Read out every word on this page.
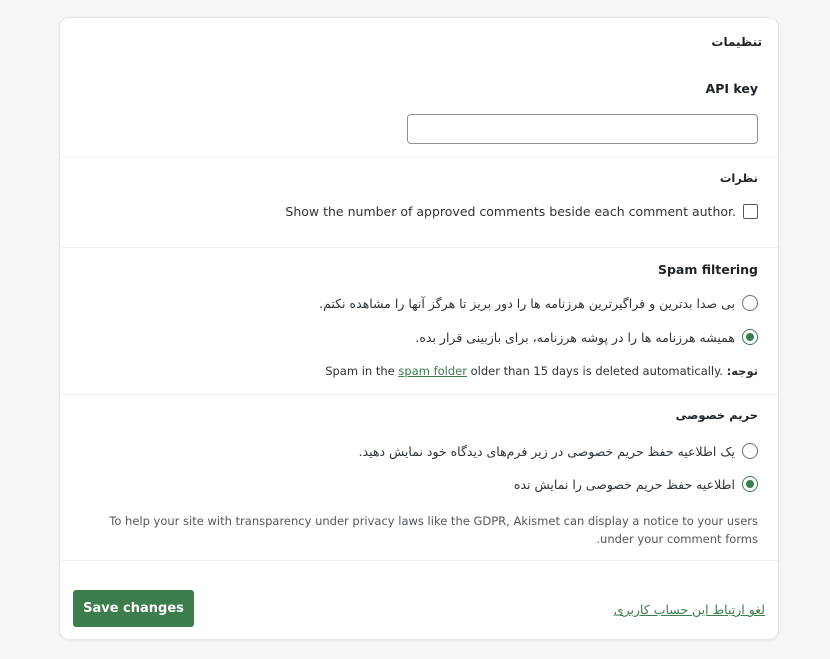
تنظیمات
API key
نظرات
Show the number of approved comments beside each comment author.
Spam filtering
بی صدا بدترین و فراگیرترین هرزنامه ها را دور بریز تا هرگز آنها را مشاهده نکتم.
همیشه هرزنامه ها را در پوشه هرزنامه، برای بازبینی قرار بده.
توجه: Spam in the spam folder older than 15 days is deleted automatically.
حریم خصوصی
یک اطلاعیه حفظ حریم خصوصی در زیر فرم‌های دیدگاه خود نمایش دهید.
اطلاعیه حفظ حریم خصوصی را نمایش نده
To help your site with transparency under privacy laws like the GDPR, Akismet can display a notice to your users under your comment forms.
Save changes	لغو ارتباط این حساب کاربری
